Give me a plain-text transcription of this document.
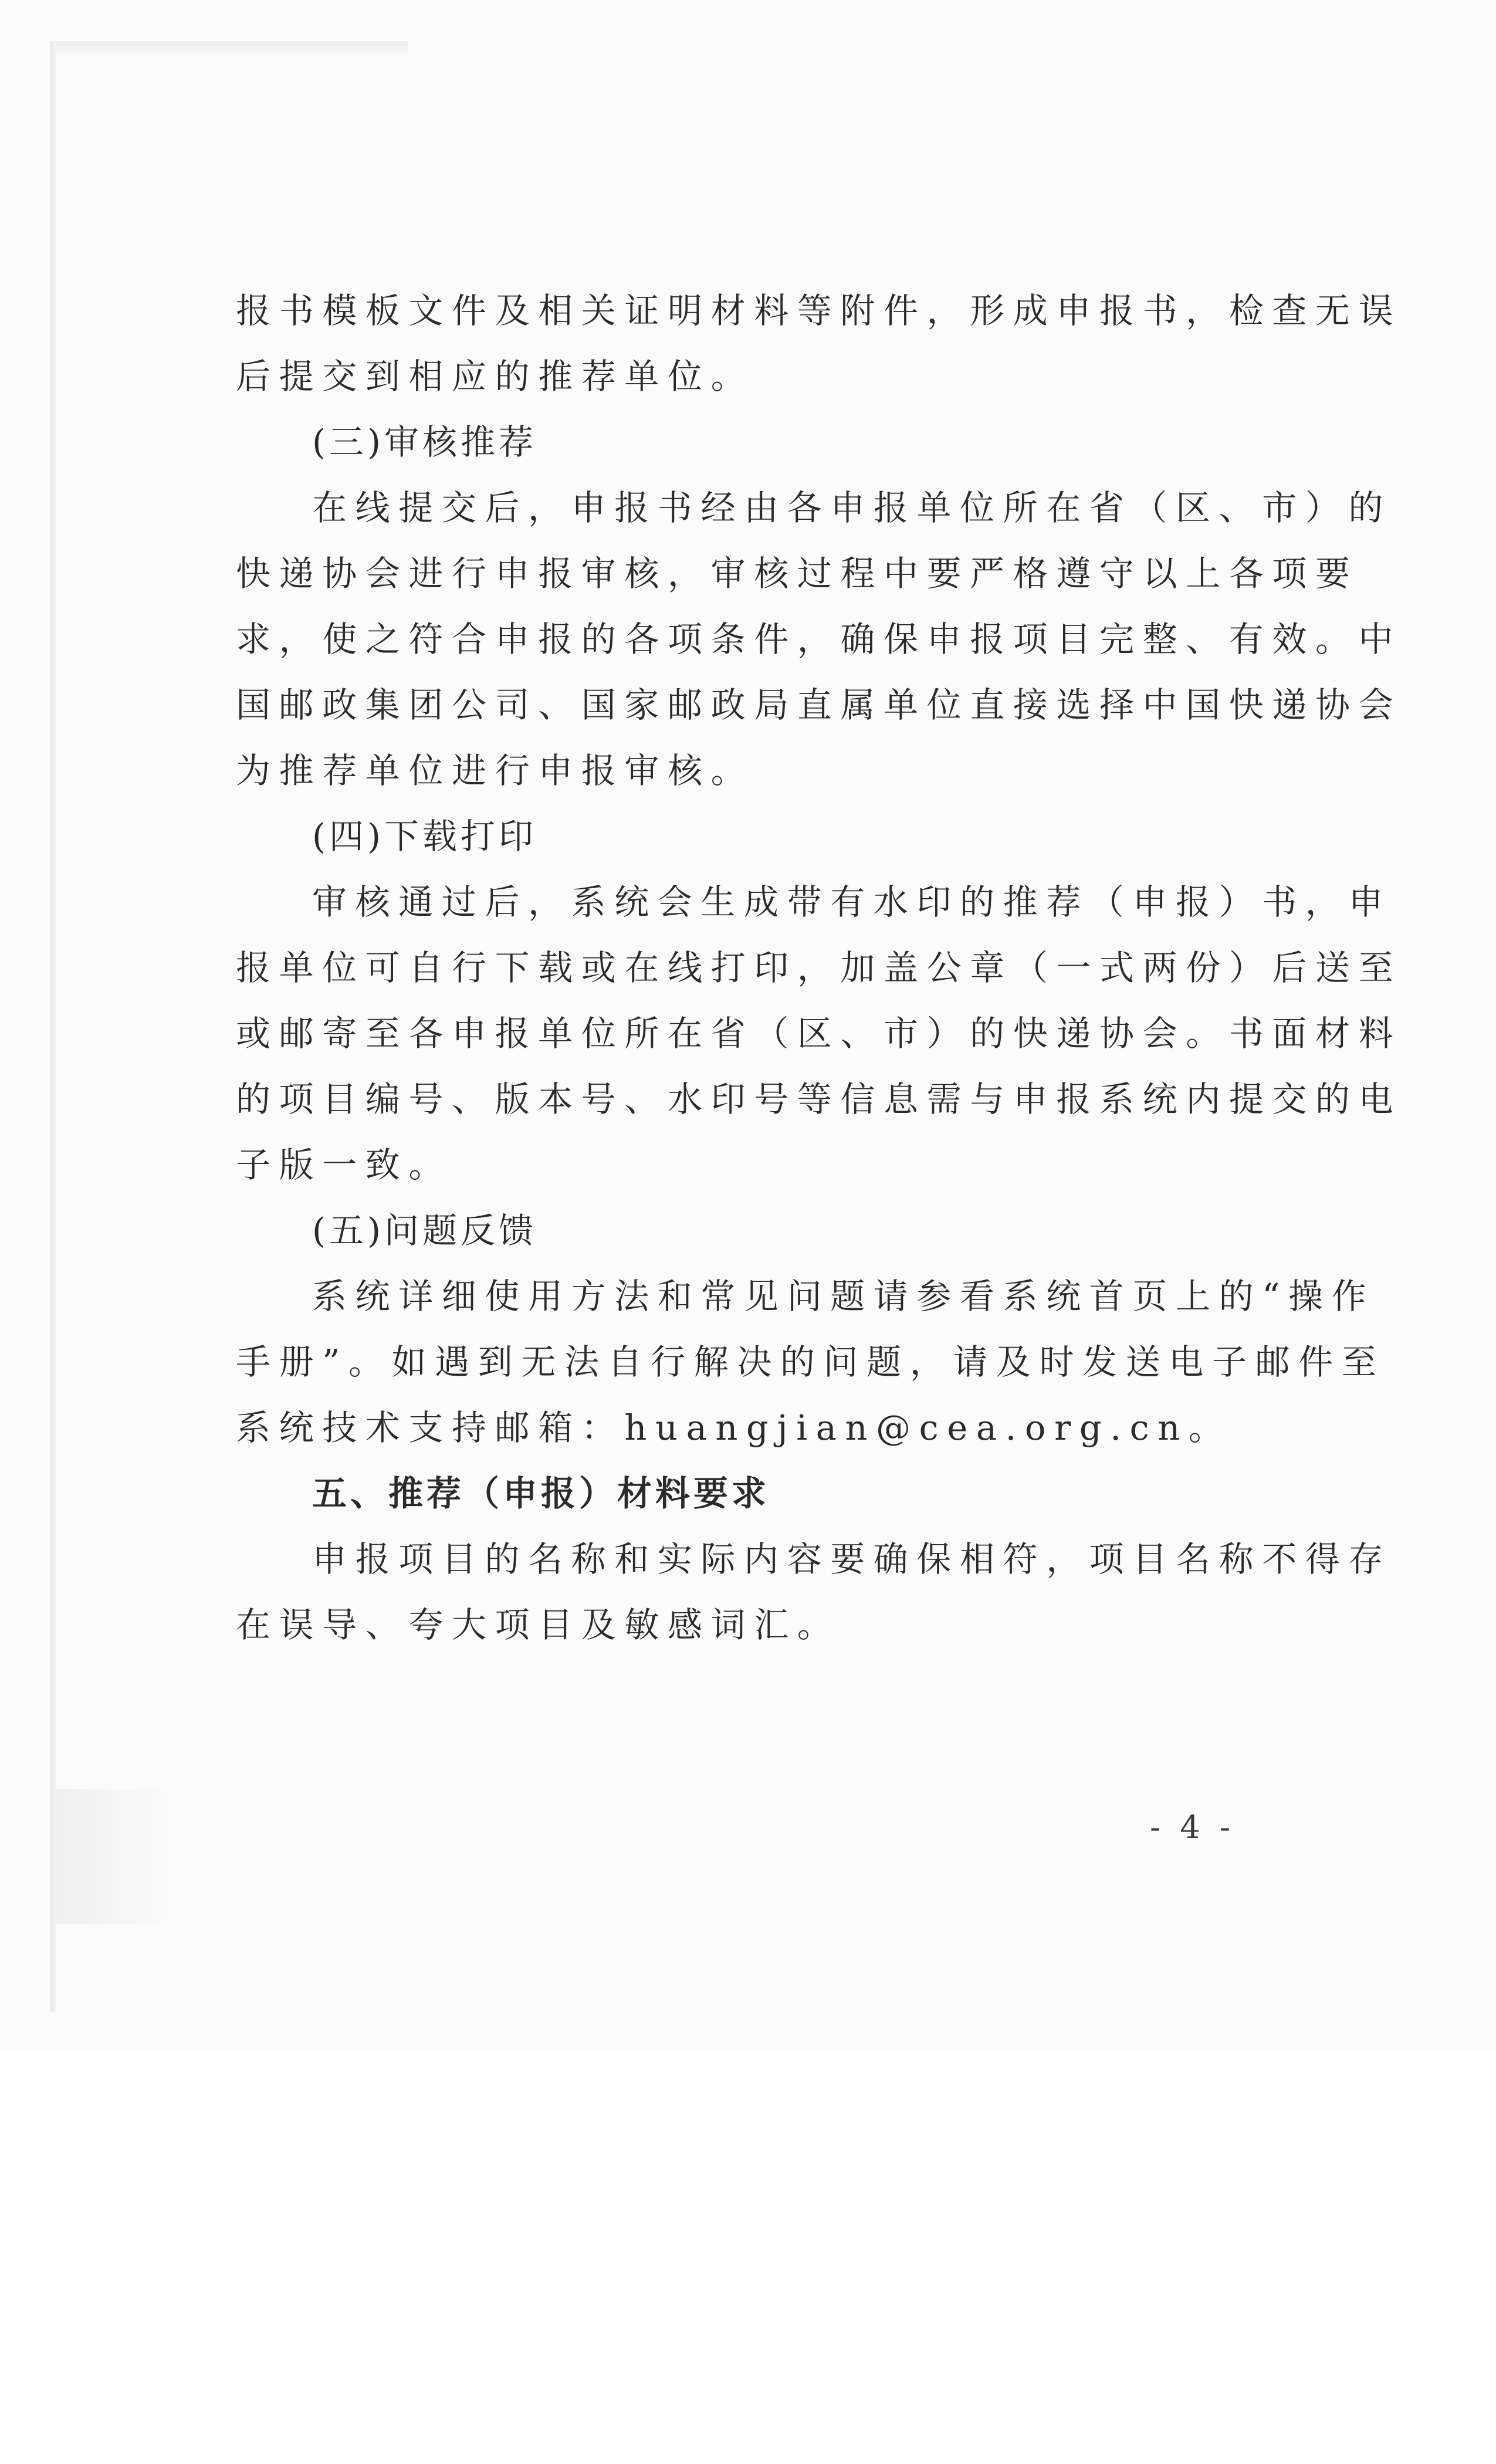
报书模板文件及相关证明材料等附件，形成申报书，检查无误
后提交到相应的推荐单位。
(三)审核推荐
在线提交后，申报书经由各申报单位所在省（区、市）的
快递协会进行申报审核，审核过程中要严格遵守以上各项要
求，使之符合申报的各项条件，确保申报项目完整、有效。中
国邮政集团公司、国家邮政局直属单位直接选择中国快递协会
为推荐单位进行申报审核。
(四)下载打印
审核通过后，系统会生成带有水印的推荐（申报）书，申
报单位可自行下载或在线打印，加盖公章（一式两份）后送至
或邮寄至各申报单位所在省（区、市）的快递协会。书面材料
的项目编号、版本号、水印号等信息需与申报系统内提交的电
子版一致。
(五)问题反馈
系统详细使用方法和常见问题请参看系统首页上的“操作
手册”。如遇到无法自行解决的问题，请及时发送电子邮件至
系统技术支持邮箱：huangjian@cea.org.cn。
五、推荐（申报）材料要求
申报项目的名称和实际内容要确保相符，项目名称不得存
在误导、夸大项目及敏感词汇。
- 4 -
